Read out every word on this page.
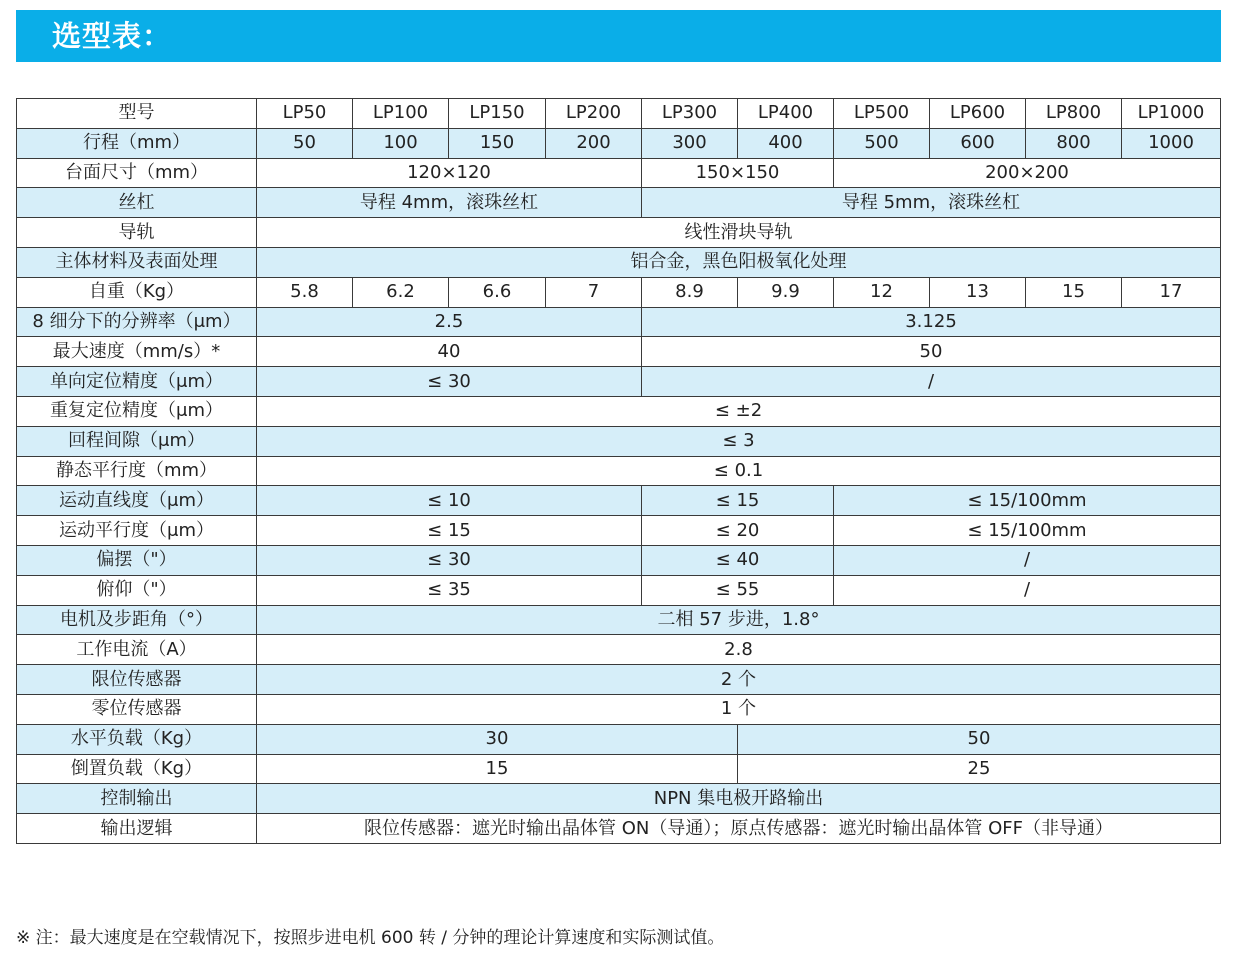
选型表：
型号	LP50	LP100	LP150	LP200	LP300	LP400	LP500	LP600	LP800	LP1000
行程（mm）	50	100	150	200	300	400	500	600	800	1000
台面尺寸（mm）	120×120				150×150		200×200			
丝杠	导程 4mm，滚珠丝杠				导程 5mm，滚珠丝杠					
导轨	线性滑块导轨									
主体材料及表面处理	铝合金，黑色阳极氧化处理									
自重（Kg）	5.8	6.2	6.6	7	8.9	9.9	12	13	15	17
8 细分下的分辨率（μm）	2.5				3.125					
最大速度（mm/s）*	40				50					
单向定位精度（μm）	≤ 30				/					
重复定位精度（μm）	≤ ±2									
回程间隙（μm）	≤ 3									
静态平行度（mm）	≤ 0.1									
运动直线度（μm）	≤ 10				≤ 15		≤ 15/100mm			
运动平行度（μm）	≤ 15				≤ 20		≤ 15/100mm			
偏摆（"）	≤ 30				≤ 40		/			
俯仰（"）	≤ 35				≤ 55		/			
电机及步距角（°）	二相 57 步进，1.8°									
工作电流（A）	2.8									
限位传感器	2 个									
零位传感器	1 个									
水平负载（Kg）	30					50				
倒置负载（Kg）	15					25				
控制输出	NPN 集电极开路输出									
输出逻辑	限位传感器：遮光时输出晶体管 ON（导通）；原点传感器：遮光时输出晶体管 OFF（非导通）									
※ 注：最大速度是在空载情况下，按照步进电机 600 转 / 分钟的理论计算速度和实际测试值。
